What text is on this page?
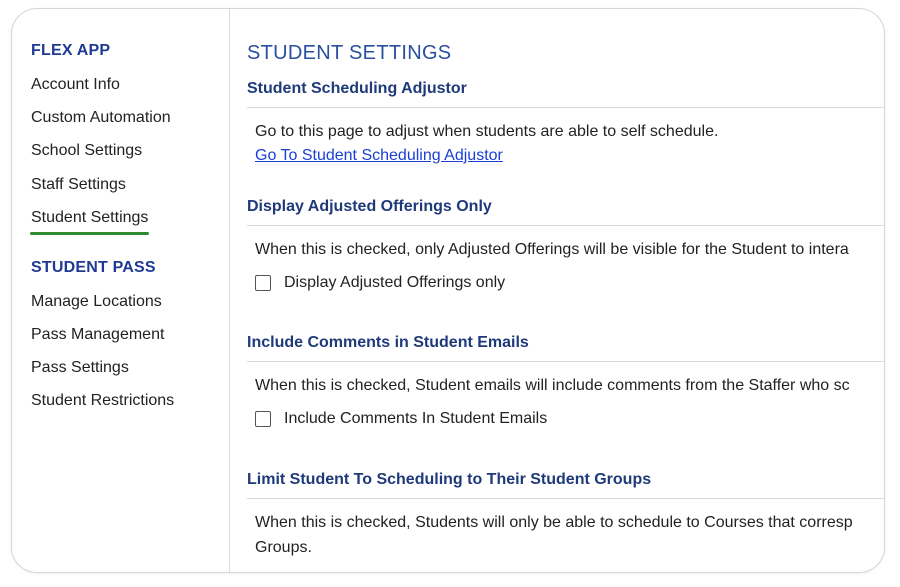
FLEX APP
Account Info
Custom Automation
School Settings
Staff Settings
Student Settings
STUDENT PASS
Manage Locations
Pass Management
Pass Settings
Student Restrictions
STUDENT SETTINGS
Student Scheduling Adjustor
Go to this page to adjust when students are able to self schedule.
Go To Student Scheduling Adjustor
Display Adjusted Offerings Only
When this is checked, only Adjusted Offerings will be visible for the Student to intera
Display Adjusted Offerings only
Include Comments in Student Emails
When this is checked, Student emails will include comments from the Staffer who sc
Include Comments In Student Emails
Limit Student To Scheduling to Their Student Groups
When this is checked, Students will only be able to schedule to Courses that corresp
Groups.
